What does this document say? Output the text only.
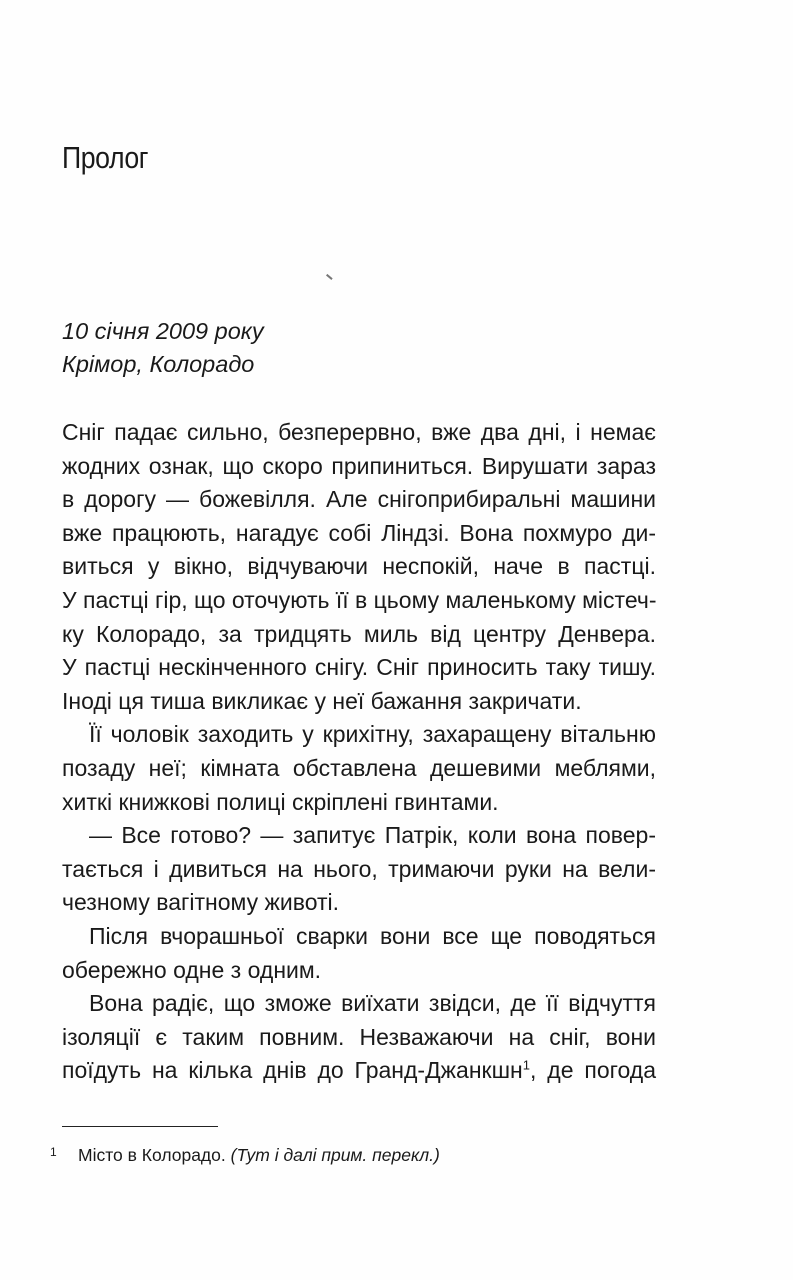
Пролог
10 січня 2009 року
Крімор, Колорадо
Сніг падає сильно, безперервно, вже два дні, і немає
жодних ознак, що скоро припиниться. Вирушати зараз
в дорогу — божевілля. Але снігоприбиральні машини
вже працюють, нагадує собі Ліндзі. Вона похмуро ди-
виться у вікно, відчуваючи неспокій, наче в пастці.
У пастці гір, що оточують її в цьому маленькому містеч-
ку Колорадо, за тридцять миль від центру Денвера.
У пастці нескінченного снігу. Сніг приносить таку тишу.
Іноді ця тиша викликає у неї бажання закричати.
Її чоловік заходить у крихітну, захаращену вітальню
позаду неї; кімната обставлена дешевими меблями,
хиткі книжкові полиці скріплені гвинтами.
— Все готово? — запитує Патрік, коли вона повер-
тається і дивиться на нього, тримаючи руки на вели-
чезному вагітному животі.
Після вчорашньої сварки вони все ще поводяться
обережно одне з одним.
Вона радіє, що зможе виїхати звідси, де її відчуття
ізоляції є таким повним. Незважаючи на сніг, вони
поїдуть на кілька днів до Гранд-Джанкшн$^1$, де погода
1 Місто в Колорадо. (Тут і далі прим. перекл.)
